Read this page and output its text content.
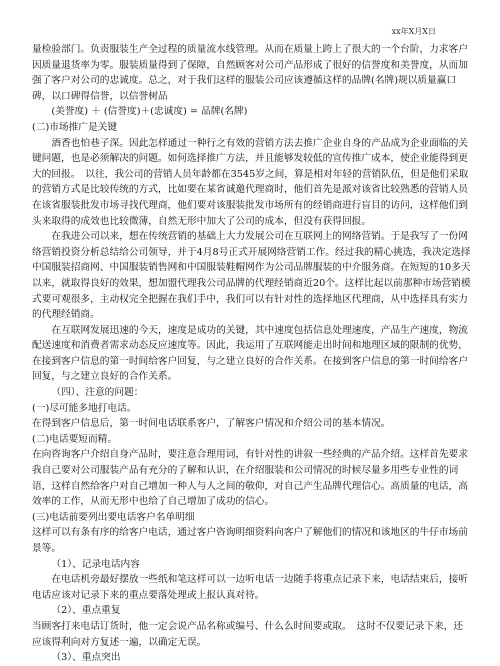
xx年X月X日

量检验部门。负责服装生产全过程的质量流水线管理。从而在质量上跨上了很大的一个台阶，力求客户因质量退货率为零。服装质量得到了保障，自然顾客对公司产品形成了很好的信誉度和美誉度，从而加强了客户对公司的忠诚度。总之，对于我们这样的服装公司应该遵循这样的品牌(名牌)规以质量赢口碑，以口碑得信誉，以信誉树品

(美誉度) ＋ (信誉度)＋(忠诚度) = 品牌(名牌)

(二)市场推广是关键

酒香也怕巷子深。因此怎样通过一种行之有效的营销方法去推广企业自身的产品成为企业面临的关键问题，也是必须解决的问题。如何选择推广方法，并且能够发较低的宣传推广成本，使企业能得到更大的回报。　以往，我公司的营销人员年龄都在3545岁之间，算是相对年轻的营销队伍，但是他们采取的营销方式是比较传统的方式，比如要在某省诚邀代理商时，他们首先是派对该省比较熟悉的营销人员在该省服装批发市场寻找代理商，他们要对该服装批发市场所有的经销商进行盲目的访问，这样他们到头来取得的成效也比较微薄，自然无形中加大了公司的成本，但没有获得回报。

在我进公司以来，想在传统营销的基础上大力发展公司在互联网上的网络营销。于是我写了一份网络营销投资分析总结给公司领导，并于4月8号正式开展网络营销工作。经过我的精心挑选，我决定选择中国服装招商网、中国服装销售网和中国服装鞋帽网作为公司品牌服装的中介服务商。在短短的10多天以来，就取得良好的效果，想加盟代理我公司品牌的代理经销商近20个。这样比起以前那种市场营销模式要可观很多，主动权完全把握在我们手中，我们可以有针对性的选择地区代理商，从中选择具有实力的代理经销商。

在互联网发展迅速的今天，速度是成功的关键，其中速度包括信息处理速度，产品生产速度，物流配送速度和消费者需求动态反应速度等。因此，我运用了互联网能走出时间和地理区域的限制的优势，在接到客户信息的第一时间给客户回复，与之建立良好的合作关系。在接到客户信息的第一时间给客户回复，与之建立良好的合作关系。

（四）、注意的问题：

(一)尽可能多地打电话。

在得到客户信息后，第一时间电话联系客户，了解客户情况和介绍公司的基本情况。

(二)电话要短而精。

在向咨询客户介绍自身产品时，要注意合理用词，有针对性的讲叙一些经典的产品介绍。这样首先要求我自己要对公司服装产品有充分的了解和认识，在介绍服装和公司情况的时候尽量多用些专业性的词语，这样自然给客户对自己增加一种人与人之间的敬仰，对自己产生品牌代理信心。高质量的电话，高效率的工作，从而无形中也给了自己增加了成功的信心。

(三)电话前要列出要电话客户名单明细

这样可以有条有序的给客户电话，通过客户咨询明细资料向客户了解他们的情况和该地区的牛仔市场前景等。

（1）、记录电话内容

在电话机旁最好摆放一些纸和笔这样可以一边听电话一边随手将重点记录下来，电话结束后，接听电话应该对记录下来的重点要落处理或上报认真对待。

（2）、重点重复

当顾客打来电话订货时，他一定会说产品名称或编号、什么么时间要或取。　这时不仅要记录下来，还应该得利向对方复述一遍，以确定无误。

（3）、重点突出
